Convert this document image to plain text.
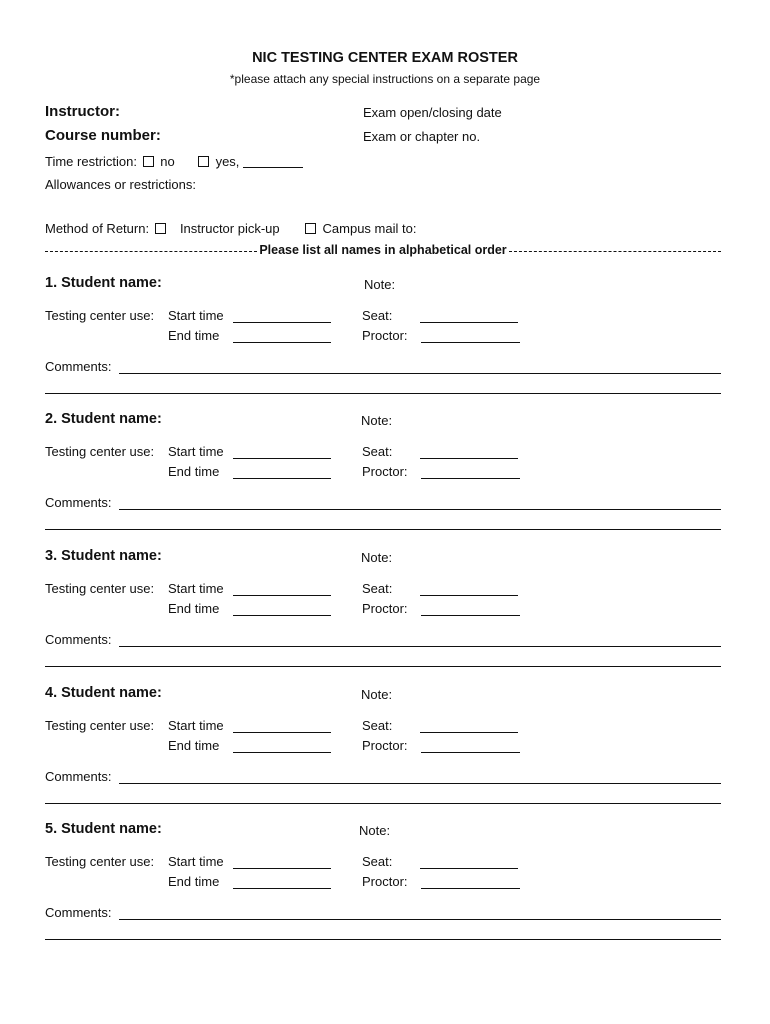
NIC TESTING CENTER EXAM ROSTER
*please attach any special instructions on a separate page
Instructor:
Course number:
Exam open/closing date
Exam or chapter no.
Time restriction: no	yes,
Allowances or restrictions:
Method of Return: Instructor pick-up	Campus mail to:
Please list all names in alphabetical order
1. Student name:	Note:
Testing center use: Start time	Seat:
End time	Proctor:
Comments:
2. Student name:	Note:
Testing center use: Start time	Seat:
End time	Proctor:
Comments:
3. Student name:	Note:
Testing center use: Start time	Seat:
End time	Proctor:
Comments:
4. Student name:	Note:
Testing center use: Start time	Seat:
End time	Proctor:
Comments:
5. Student name:	Note:
Testing center use: Start time	Seat:
End time	Proctor:
Comments:
